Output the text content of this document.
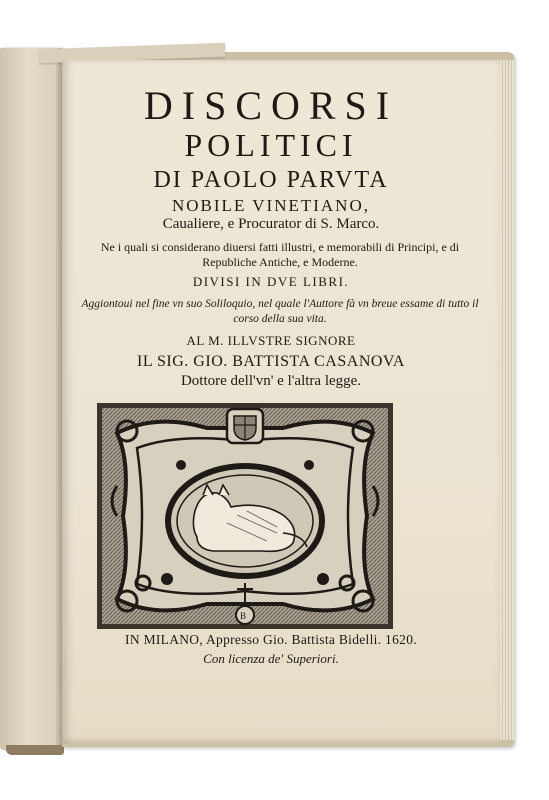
DISCORSI
POLITICI
DI PAOLO PARVTA
NOBILE VINETIANO,
Caualiere, e Procurator di S. Marco.
Ne i quali si considerano diuersi fatti illustri, e memorabili di Principi, e di Republiche Antiche, e Moderne.
DIVISI IN DVE LIBRI.
Aggiontoui nel fine vn suo Soliloquio, nel quale l'Auttore fà vn breue essame di tutto il corso della sua vita.
AL M. ILLVSTRE SIGNORE
IL SIG. GIO. BATTISTA CASANOVA
Dottore dell'vn' e l'altra legge.
B
IN MILANO, Appresso Gio. Battista Bidelli. 1620.
Con licenza de' Superiori.
